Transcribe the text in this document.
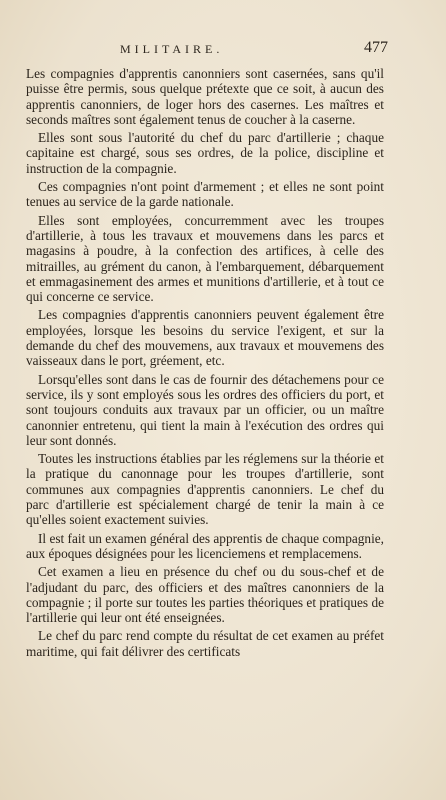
MILITAIRE.	477

Les compagnies d'apprentis canonniers sont casernées, sans qu'il puisse être permis, sous quelque prétexte que ce soit, à aucun des apprentis canonniers, de loger hors des casernes. Les maîtres et seconds maîtres sont également tenus de coucher à la caserne.

Elles sont sous l'autorité du chef du parc d'artillerie ; chaque capitaine est chargé, sous ses ordres, de la police, discipline et instruction de la compagnie.

Ces compagnies n'ont point d'armement ; et elles ne sont point tenues au service de la garde nationale.

Elles sont employées, concurremment avec les troupes d'artillerie, à tous les travaux et mouvemens dans les parcs et magasins à poudre, à la confection des artifices, à celle des mitrailles, au grément du canon, à l'embarquement, débarquement et emmagasinement des armes et munitions d'artillerie, et à tout ce qui concerne ce service.

Les compagnies d'apprentis canonniers peuvent également être employées, lorsque les besoins du service l'exigent, et sur la demande du chef des mouvemens, aux travaux et mouvemens des vaisseaux dans le port, gréement, etc.

Lorsqu'elles sont dans le cas de fournir des détachemens pour ce service, ils y sont employés sous les ordres des officiers du port, et sont toujours conduits aux travaux par un officier, ou un maître canonnier entretenu, qui tient la main à l'exécution des ordres qui leur sont donnés.

Toutes les instructions établies par les réglemens sur la théorie et la pratique du canonnage pour les troupes d'artillerie, sont communes aux compagnies d'apprentis canonniers. Le chef du parc d'artillerie est spécialement chargé de tenir la main à ce qu'elles soient exactement suivies.

Il est fait un examen général des apprentis de chaque compagnie, aux époques désignées pour les licenciemens et remplacemens.

Cet examen a lieu en présence du chef ou du sous-chef et de l'adjudant du parc, des officiers et des maîtres canonniers de la compagnie ; il porte sur toutes les parties théoriques et pratiques de l'artillerie qui leur ont été enseignées.

Le chef du parc rend compte du résultat de cet examen au préfet maritime, qui fait délivrer des certificats
